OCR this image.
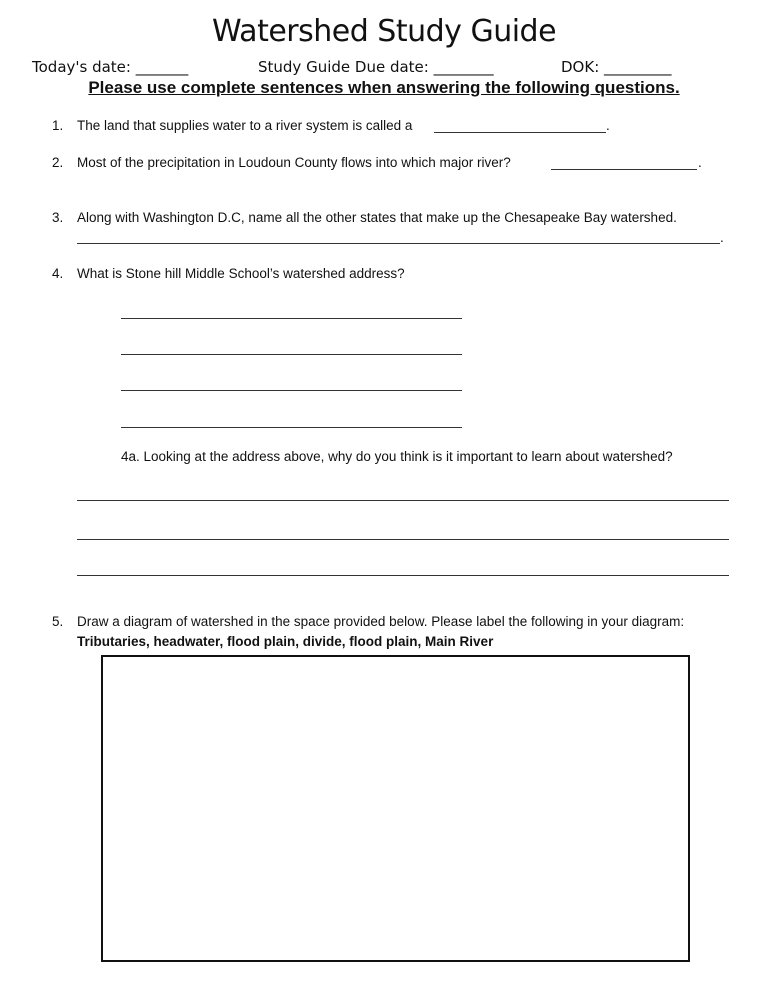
Watershed Study Guide
Today's date: _______	Study Guide Due date: ________	DOK: _________
Please use complete sentences when answering the following questions.
1. The land that supplies water to a river system is called a	.
2. Most of the precipitation in Loudoun County flows into which major river?	.
3. Along with Washington D.C, name all the other states that make up the Chesapeake Bay watershed.
.
4. What is Stone hill Middle School’s watershed address?
4a. Looking at the address above, why do you think is it important to learn about watershed?
5. Draw a diagram of watershed in the space provided below. Please label the following in your diagram:
Tributaries, headwater, flood plain, divide, flood plain, Main River
